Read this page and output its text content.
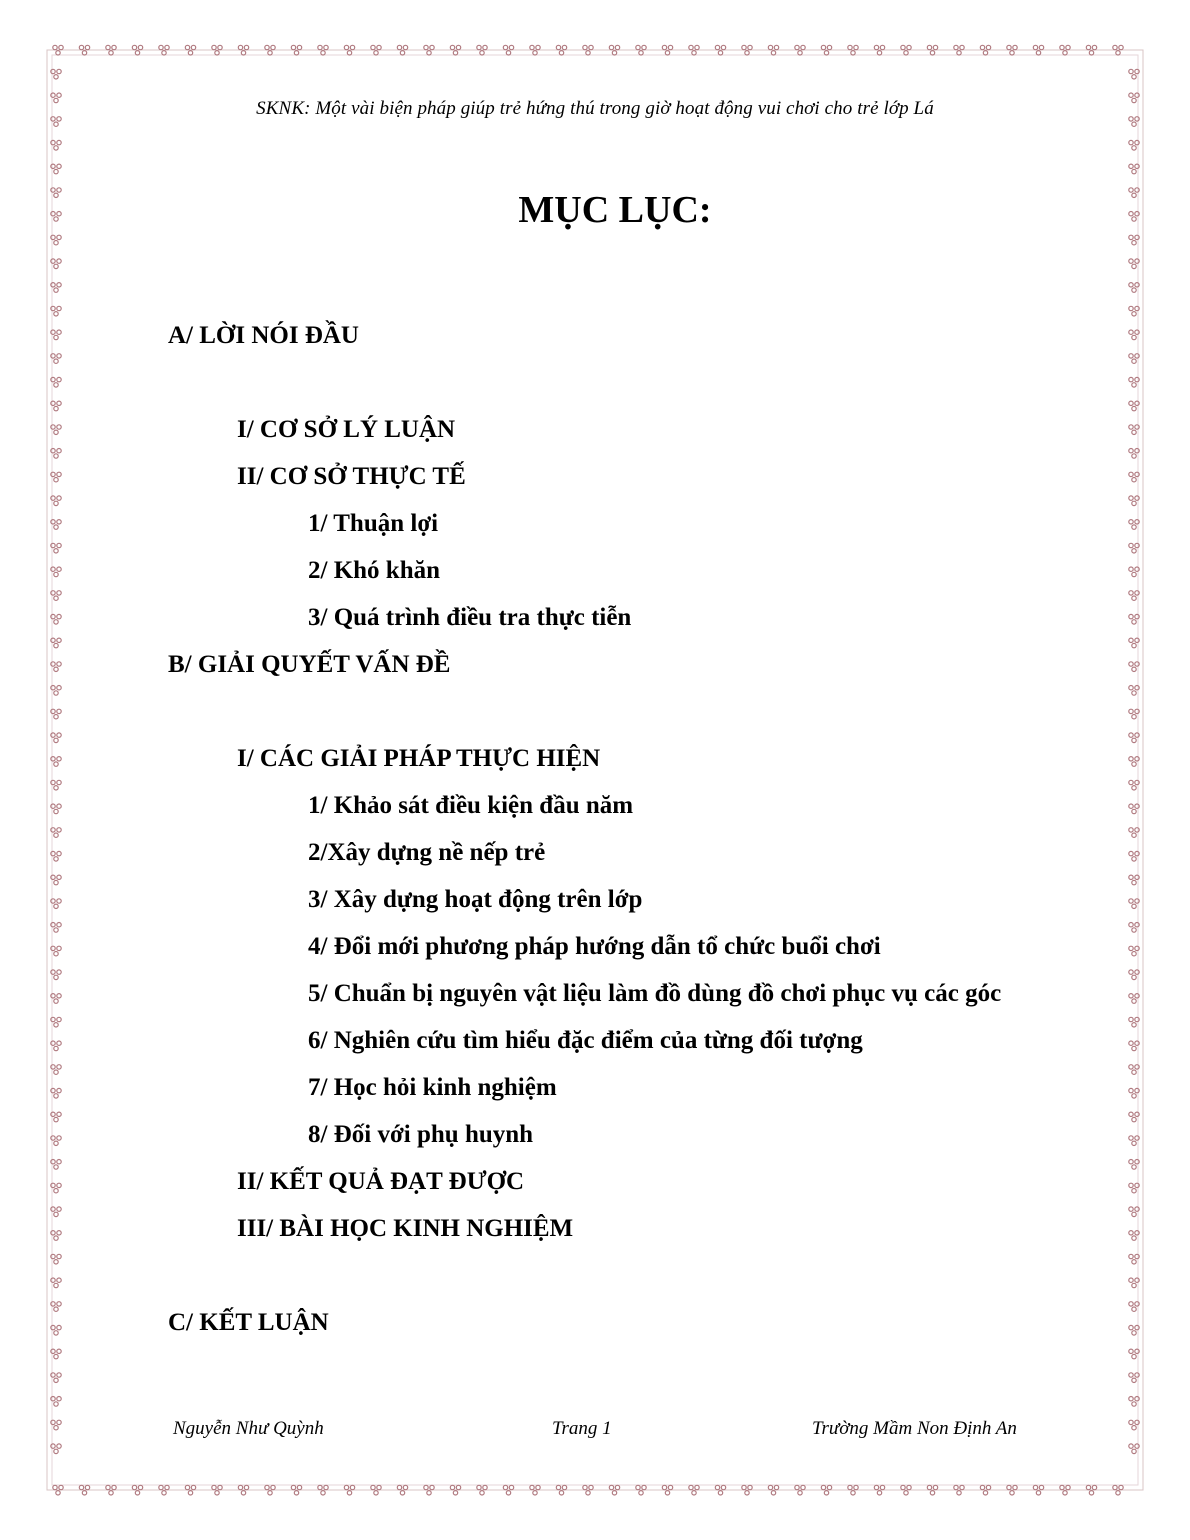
SKNK: Một vài biện pháp giúp trẻ hứng thú trong giờ hoạt động vui chơi cho trẻ lớp Lá
MỤC LỤC:
A/ LỜI NÓI ĐẦU
I/ CƠ SỞ LÝ LUẬN
II/ CƠ SỞ THỰC TẾ
1/ Thuận lợi
2/ Khó khăn
3/ Quá trình điều tra thực tiễn
B/ GIẢI QUYẾT VẤN ĐỀ
I/ CÁC GIẢI PHÁP THỰC HIỆN
1/ Khảo sát điều kiện đầu năm
2/Xây dựng nề nếp trẻ
3/ Xây dựng hoạt động trên lớp
4/ Đổi mới phương pháp hướng dẫn tổ chức buổi chơi
5/ Chuẩn bị nguyên vật liệu làm đồ dùng đồ chơi phục vụ các góc
6/ Nghiên cứu tìm hiểu đặc điểm của từng đối tượng
7/ Học hỏi kinh nghiệm
8/ Đối với phụ huynh
II/ KẾT QUẢ ĐẠT ĐƯỢC
III/ BÀI HỌC KINH NGHIỆM
C/ KẾT LUẬN
Nguyễn Như Quỳnh	Trang 1	Trường Mầm Non Định An
